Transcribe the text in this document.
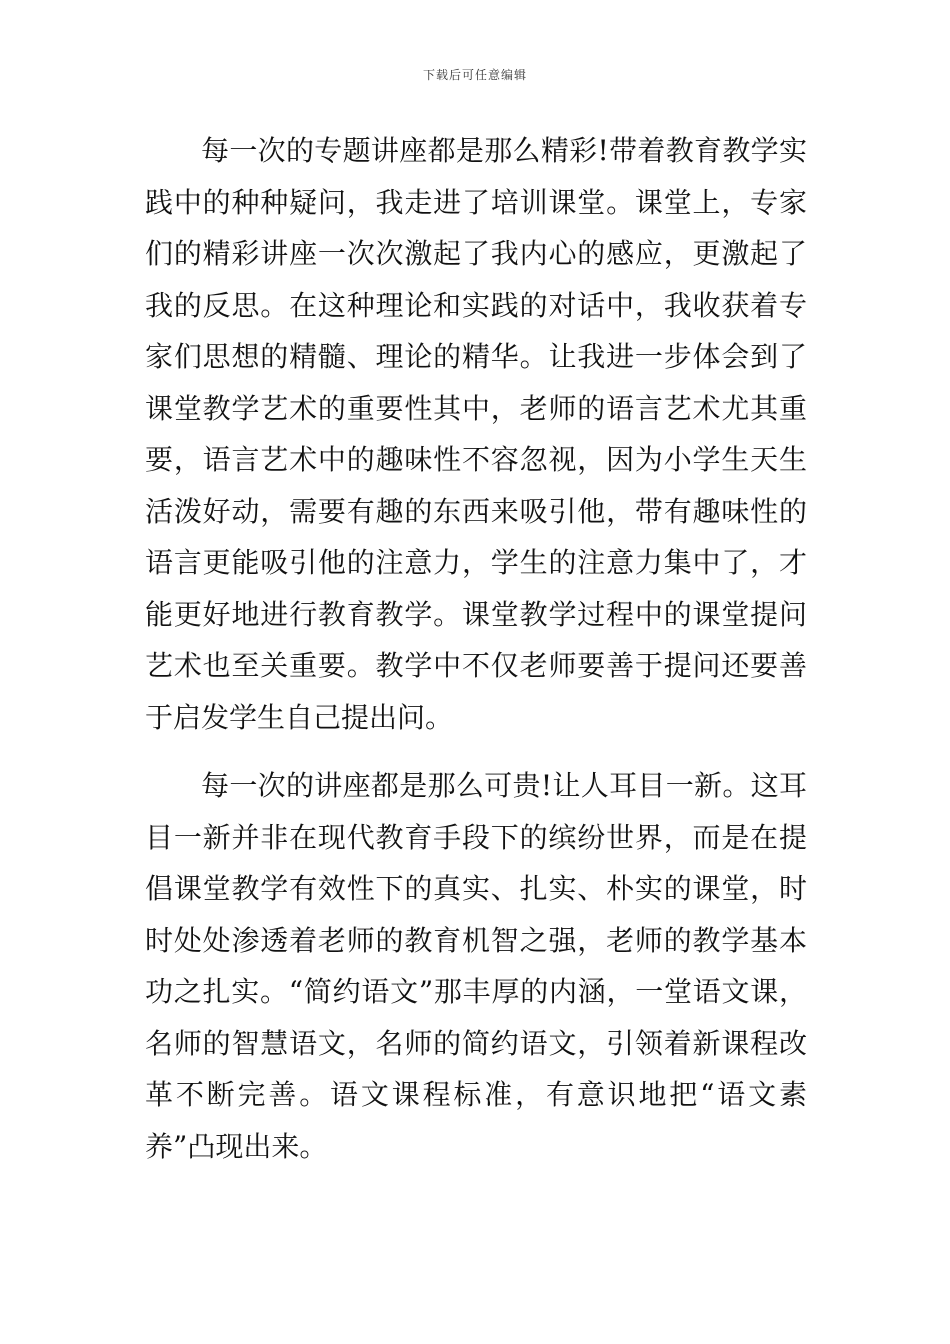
下载后可任意编辑

每一次的专题讲座都是那么精彩!带着教育教学实践中的种种疑问，我走进了培训课堂。课堂上，专家们的精彩讲座一次次激起了我内心的感应，更激起了我的反思。在这种理论和实践的对话中，我收获着专家们思想的精髓、理论的精华。让我进一步体会到了课堂教学艺术的重要性其中，老师的语言艺术尤其重要，语言艺术中的趣味性不容忽视，因为小学生天生活泼好动，需要有趣的东西来吸引他，带有趣味性的语言更能吸引他的注意力，学生的注意力集中了，才能更好地进行教育教学。课堂教学过程中的课堂提问艺术也至关重要。教学中不仅老师要善于提问还要善于启发学生自己提出问。

每一次的讲座都是那么可贵!让人耳目一新。这耳目一新并非在现代教育手段下的缤纷世界，而是在提倡课堂教学有效性下的真实、扎实、朴实的课堂，时时处处渗透着老师的教育机智之强，老师的教学基本功之扎实。“简约语文”那丰厚的内涵，一堂语文课，名师的智慧语文，名师的简约语文，引领着新课程改革不断完善。语文课程标准，有意识地把“语文素养”凸现出来。
